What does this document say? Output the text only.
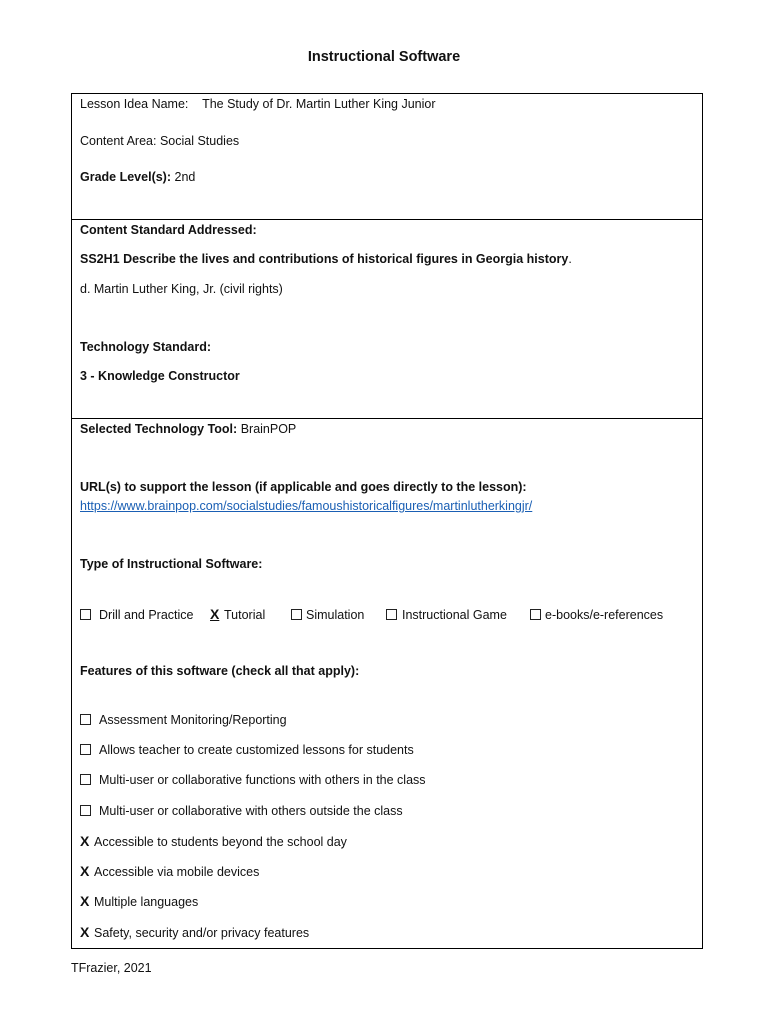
Instructional Software
Lesson Idea Name: The Study of Dr. Martin Luther King Junior
Content Area: Social Studies
Grade Level(s): 2nd
Content Standard Addressed:
SS2H1 Describe the lives and contributions of historical figures in Georgia history.
d. Martin Luther King, Jr. (civil rights)
Technology Standard:
3 - Knowledge Constructor
Selected Technology Tool: BrainPOP
URL(s) to support the lesson (if applicable and goes directly to the lesson):
https://www.brainpop.com/socialstudies/famoushistoricalfigures/martinlutherkingjr/
Type of Instructional Software:
Drill and Practice X Tutorial	Simulation	Instructional Game	e-books/e-references
Features of this software (check all that apply):
Assessment Monitoring/Reporting
Allows teacher to create customized lessons for students
Multi-user or collaborative functions with others in the class
Multi-user or collaborative with others outside the class
X Accessible to students beyond the school day
X Accessible via mobile devices
X Multiple languages
X Safety, security and/or privacy features
TFrazier, 2021
